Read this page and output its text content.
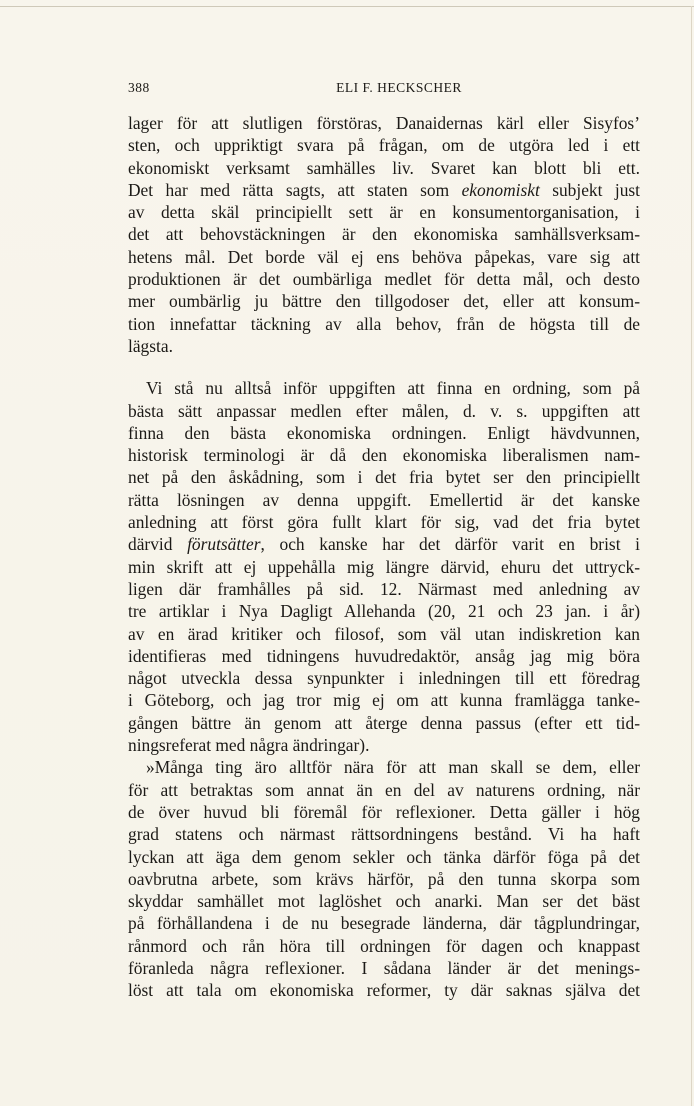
388	ELI F. HECKSCHER
lager för att slutligen förstöras, Danaidernas kärl eller Sisyfos’
sten, och uppriktigt svara på frågan, om de utgöra led i ett
ekonomiskt verksamt samhälles liv. Svaret kan blott bli ett.
Det har med rätta sagts, att staten som ekonomiskt subjekt just
av detta skäl principiellt sett är en konsumentorganisation, i
det att behovstäckningen är den ekonomiska samhällsverksam-
hetens mål. Det borde väl ej ens behöva påpekas, vare sig att
produktionen är det oumbärliga medlet för detta mål, och desto
mer oumbärlig ju bättre den tillgodoser det, eller att konsum-
tion innefattar täckning av alla behov, från de högsta till de
lägsta.
Vi stå nu alltså inför uppgiften att finna en ordning, som på
bästa sätt anpassar medlen efter målen, d. v. s. uppgiften att
finna den bästa ekonomiska ordningen. Enligt hävdvunnen,
historisk terminologi är då den ekonomiska liberalismen nam-
net på den åskådning, som i det fria bytet ser den principiellt
rätta lösningen av denna uppgift. Emellertid är det kanske
anledning att först göra fullt klart för sig, vad det fria bytet
därvid förutsätter, och kanske har det därför varit en brist i
min skrift att ej uppehålla mig längre därvid, ehuru det uttryck-
ligen där framhålles på sid. 12. Närmast med anledning av
tre artiklar i Nya Dagligt Allehanda (20, 21 och 23 jan. i år)
av en ärad kritiker och filosof, som väl utan indiskretion kan
identifieras med tidningens huvudredaktör, ansåg jag mig böra
något utveckla dessa synpunkter i inledningen till ett föredrag
i Göteborg, och jag tror mig ej om att kunna framlägga tanke-
gången bättre än genom att återge denna passus (efter ett tid-
ningsreferat med några ändringar).
»Många ting äro alltför nära för att man skall se dem, eller
för att betraktas som annat än en del av naturens ordning, när
de över huvud bli föremål för reflexioner. Detta gäller i hög
grad statens och närmast rättsordningens bestånd. Vi ha haft
lyckan att äga dem genom sekler och tänka därför föga på det
oavbrutna arbete, som krävs härför, på den tunna skorpa som
skyddar samhället mot laglöshet och anarki. Man ser det bäst
på förhållandena i de nu besegrade länderna, där tågplundringar,
rånmord och rån höra till ordningen för dagen och knappast
föranleda några reflexioner. I sådana länder är det menings-
löst att tala om ekonomiska reformer, ty där saknas själva det
